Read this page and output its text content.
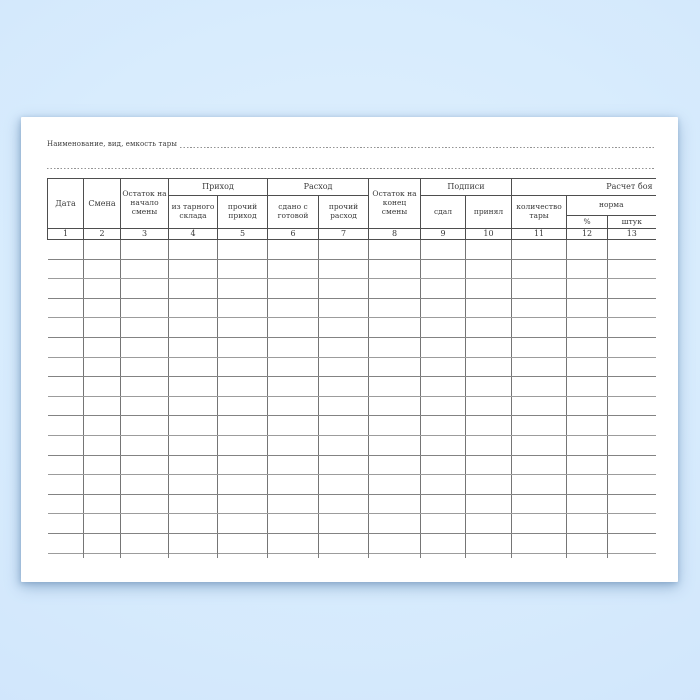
Наименование, вид, емкость тары
Дата	Смена	Остаток на начало смены	Приход		Расход		Остаток на конец смены	Подписи		Расчет боя		
			из тарного склада	прочий приход	сдано с готовой	прочий расход		сдал	принял	количество тары	норма	
											%	штук
1	2	3	4	5	6	7	8	9	10	11	12	13
